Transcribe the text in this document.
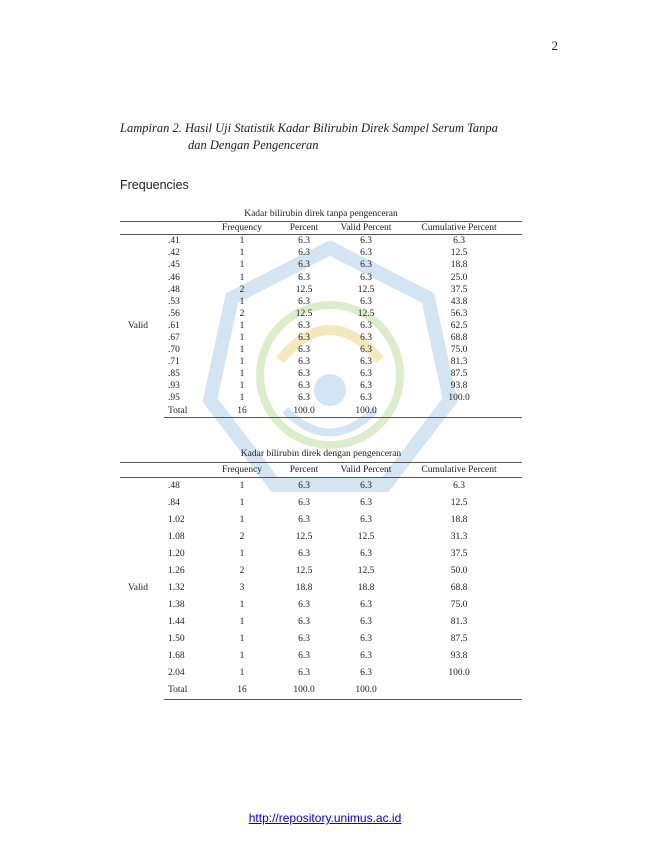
2
Lampiran 2. Hasil Uji Statistik Kadar Bilirubin Direk Sampel Serum Tanpa
dan Dengan Pengenceran
Frequencies
Kadar bilirubin direk tanpa pengenceran					
		Frequency	Percent	Valid Percent	Cumulative Percent
Valid	.41	1	6.3	6.3	6.3
	.42	1	6.3	6.3	12.5
	.45	1	6.3	6.3	18.8
	.46	1	6.3	6.3	25.0
	.48	2	12.5	12.5	37.5
	.53	1	6.3	6.3	43.8
	.56	2	12.5	12.5	56.3
	.61	1	6.3	6.3	62.5
	.67	1	6.3	6.3	68.8
	.70	1	6.3	6.3	75.0
	.71	1	6.3	6.3	81.3
	.85	1	6.3	6.3	87.5
	.93	1	6.3	6.3	93.8
	.95	1	6.3	6.3	100.0
	Total	16	100.0	100.0	
Kadar bilirubin direk dengan pengenceran					
		Frequency	Percent	Valid Percent	Cumulative Percent
Valid	.48	1	6.3	6.3	6.3
	.84	1	6.3	6.3	12.5
	1.02	1	6.3	6.3	18.8
	1.08	2	12.5	12.5	31.3
	1.20	1	6.3	6.3	37.5
	1.26	2	12.5	12.5	50.0
	1.32	3	18.8	18.8	68.8
	1.38	1	6.3	6.3	75.0
	1.44	1	6.3	6.3	81.3
	1.50	1	6.3	6.3	87.5
	1.68	1	6.3	6.3	93.8
	2.04	1	6.3	6.3	100.0
	Total	16	100.0	100.0	
http://repository.unimus.ac.id
